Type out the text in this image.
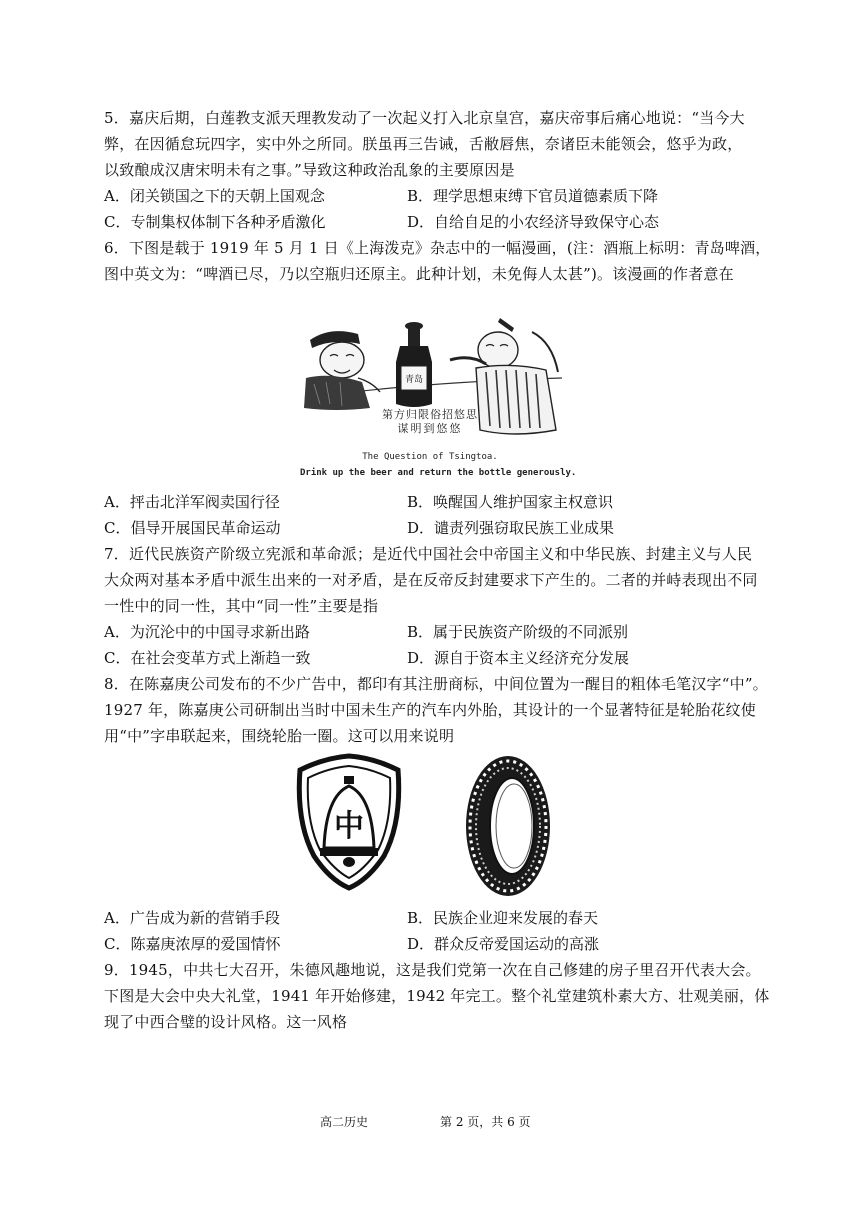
5．嘉庆后期，白莲教支派天理教发动了一次起义打入北京皇宫，嘉庆帝事后痛心地说：“当今大
弊，在因循怠玩四字，实中外之所同。朕虽再三告诫，舌敝唇焦，奈诸臣未能领会，悠乎为政，
以致酿成汉唐宋明未有之事。”导致这种政治乱象的主要原因是
A．闭关锁国之下的天朝上国观念	B．理学思想束缚下官员道德素质下降
C．专制集权体制下各种矛盾激化	D．自给自足的小农经济导致保守心态
6．下图是载于 1919 年 5 月 1 日《上海泼克》杂志中的一幅漫画，(注：酒瓶上标明：青岛啤酒，
图中英文为：“啤酒已尽，乃以空瓶归还原主。此种计划，未免侮人太甚”)。该漫画的作者意在
青岛
第方归限俗招悠思
谋明到悠悠
The Question of Tsingtoa.
Drink up the beer and return the bottle generously.
A．抨击北洋军阀卖国行径	B．唤醒国人维护国家主权意识
C．倡导开展国民革命运动	D．谴责列强窃取民族工业成果
7．近代民族资产阶级立宪派和革命派；是近代中国社会中帝国主义和中华民族、封建主义与人民
大众两对基本矛盾中派生出来的一对矛盾，是在反帝反封建要求下产生的。二者的并峙表现出不同
一性中的同一性，其中“同一性”主要是指
A．为沉沦中的中国寻求新出路	B．属于民族资产阶级的不同派别
C．在社会变革方式上渐趋一致	D．源自于资本主义经济充分发展
8．在陈嘉庚公司发布的不少广告中，都印有其注册商标，中间位置为一醒目的粗体毛笔汉字“中”。
1927 年，陈嘉庚公司研制出当时中国未生产的汽车内外胎，其设计的一个显著特征是轮胎花纹使
用“中”字串联起来，围绕轮胎一圈。这可以用来说明
中
A．广告成为新的营销手段	B．民族企业迎来发展的春天
C．陈嘉庚浓厚的爱国情怀	D．群众反帝爱国运动的高涨
9．1945，中共七大召开，朱德风趣地说，这是我们党第一次在自己修建的房子里召开代表大会。
下图是大会中央大礼堂，1941 年开始修建，1942 年完工。整个礼堂建筑朴素大方、壮观美丽，体
现了中西合璧的设计风格。这一风格
高二历史	第 2 页，共 6 页
